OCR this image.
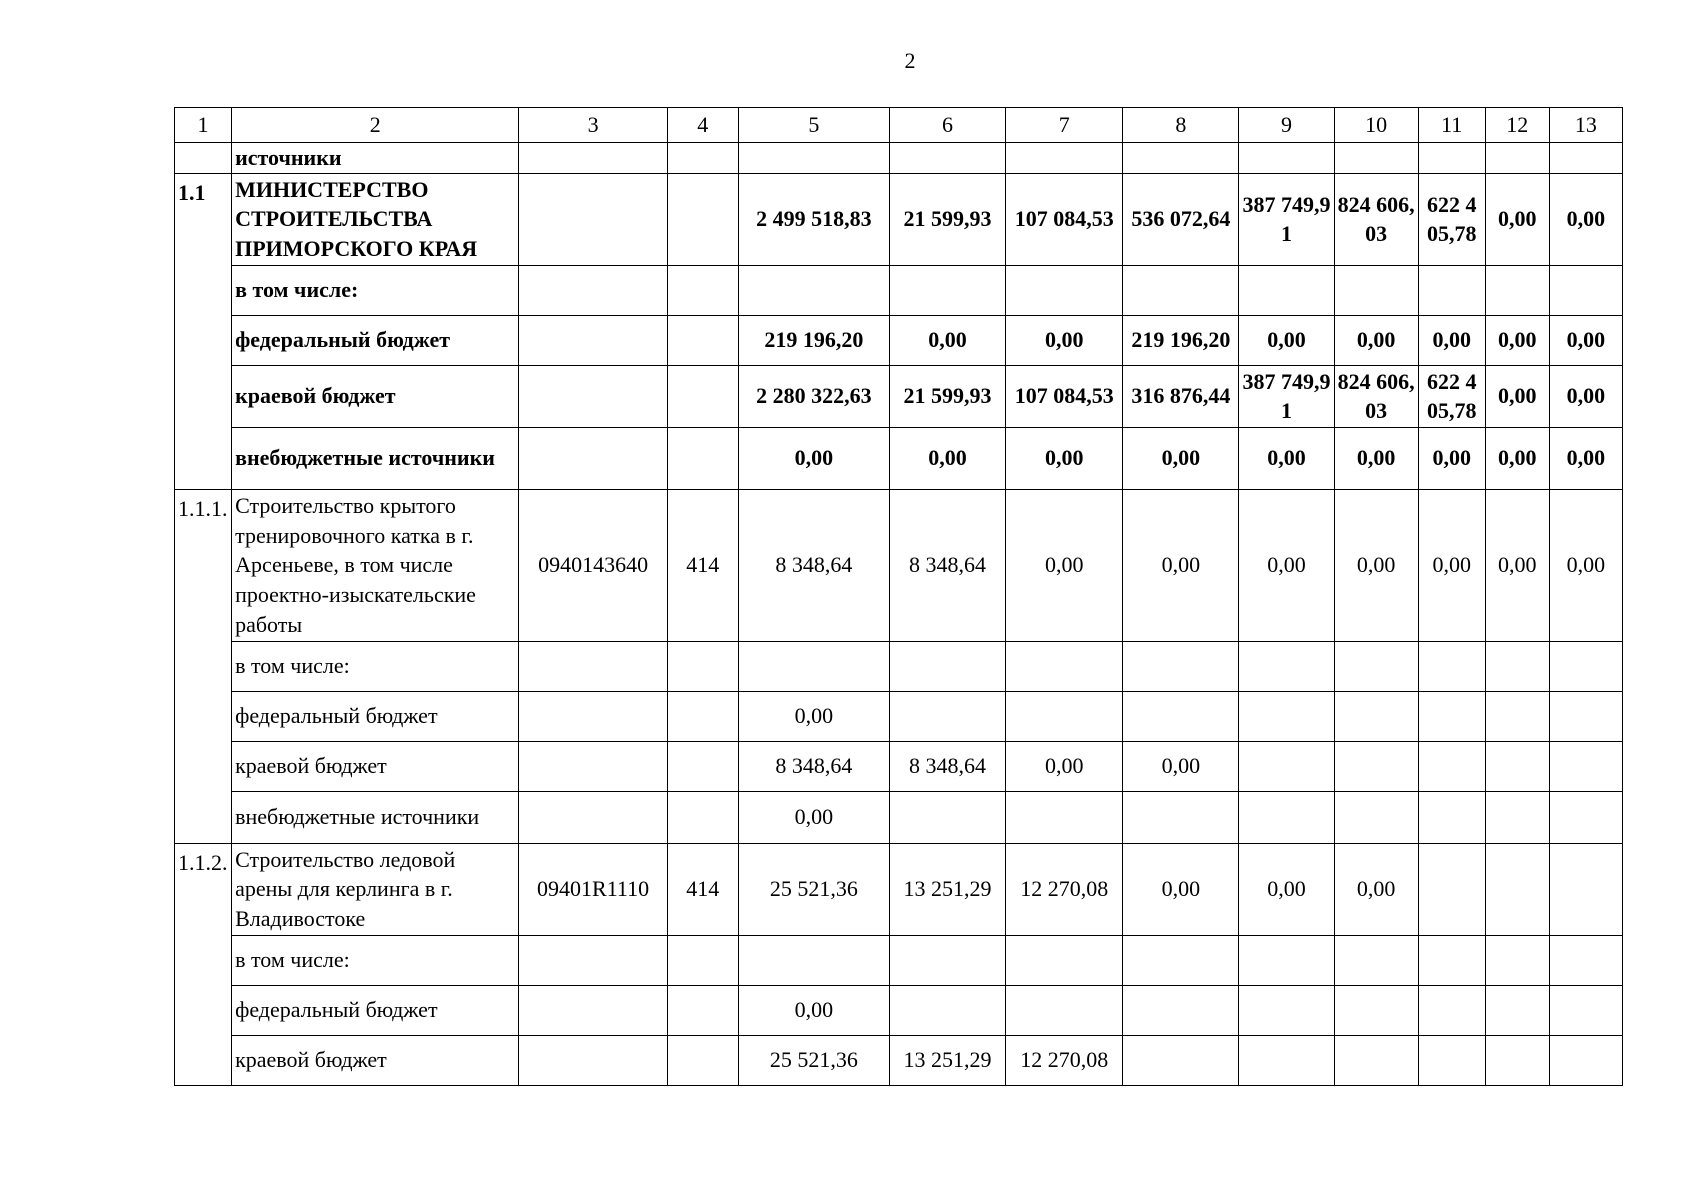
2
1	2	3	4	5	6	7	8	9	10	11	12	13
	источники											
1.1	МИНИСТЕРСТВО СТРОИТЕЛЬСТВА ПРИМОРСКОГО КРАЯ			2 499 518,83	21 599,93	107 084,53	536 072,64	387 749,91	824 606,03	622 405,78	0,00	0,00
	в том числе:											
	федеральный бюджет			219 196,20	0,00	0,00	219 196,20	0,00	0,00	0,00	0,00	0,00
	краевой бюджет			2 280 322,63	21 599,93	107 084,53	316 876,44	387 749,91	824 606,03	622 405,78	0,00	0,00
	внебюджетные источники			0,00	0,00	0,00	0,00	0,00	0,00	0,00	0,00	0,00
1.1.1.	Строительство крытого тренировочного катка в г. Арсеньеве, в том числе проектно-изыскательские работы	0940143640	414	8 348,64	8 348,64	0,00	0,00	0,00	0,00	0,00	0,00	0,00
	в том числе:											
	федеральный бюджет			0,00								
	краевой бюджет			8 348,64	8 348,64	0,00	0,00					
	внебюджетные источники			0,00								
1.1.2.	Строительство ледовой арены для керлинга в г. Владивостоке	09401R1110	414	25 521,36	13 251,29	12 270,08	0,00	0,00	0,00			
	в том числе:											
	федеральный бюджет			0,00								
	краевой бюджет			25 521,36	13 251,29	12 270,08						
